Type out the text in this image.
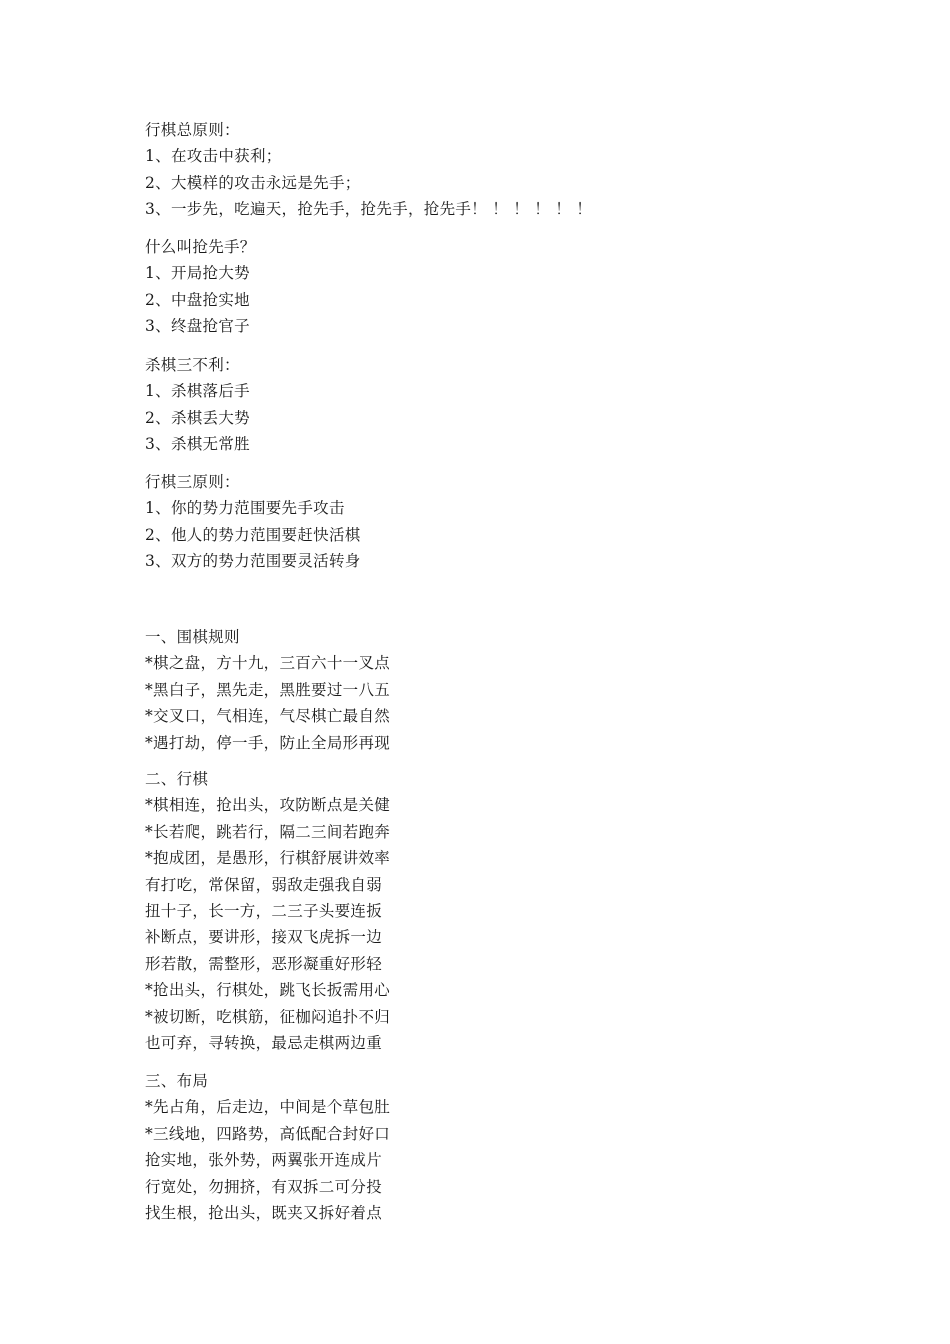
行棋总原则：
1、在攻击中获利；
2、大模样的攻击永远是先手；
3、一步先，吃遍天，抢先手，抢先手，抢先手！ ！ ！ ！ ！ ！
什么叫抢先手？
1、开局抢大势
2、中盘抢实地
3、终盘抢官子
杀棋三不利：
1、杀棋落后手
2、杀棋丢大势
3、杀棋无常胜
行棋三原则：
1、你的势力范围要先手攻击
2、他人的势力范围要赶快活棋
3、双方的势力范围要灵活转身
一、围棋规则
*棋之盘，方十九，三百六十一叉点
*黑白子，黑先走，黑胜要过一八五
*交叉口，气相连，气尽棋亡最自然
*遇打劫，停一手，防止全局形再现
二、行棋
*棋相连，抢出头，攻防断点是关健
*长若爬，跳若行，隔二三间若跑奔
*抱成团，是愚形，行棋舒展讲效率
有打吃，常保留，弱敌走强我自弱
扭十子，长一方，二三子头要连扳
补断点，要讲形，接双飞虎拆一边
形若散，需整形，恶形凝重好形轻
*抢出头，行棋处，跳飞长扳需用心
*被切断，吃棋筋，征枷闷追扑不归
也可弃，寻转换，最忌走棋两边重
三、布局
*先占角，后走边，中间是个草包肚
*三线地，四路势，高低配合封好口
抢实地，张外势，两翼张开连成片
行宽处，勿拥挤，有双拆二可分投
找生根，抢出头，既夹又拆好着点
